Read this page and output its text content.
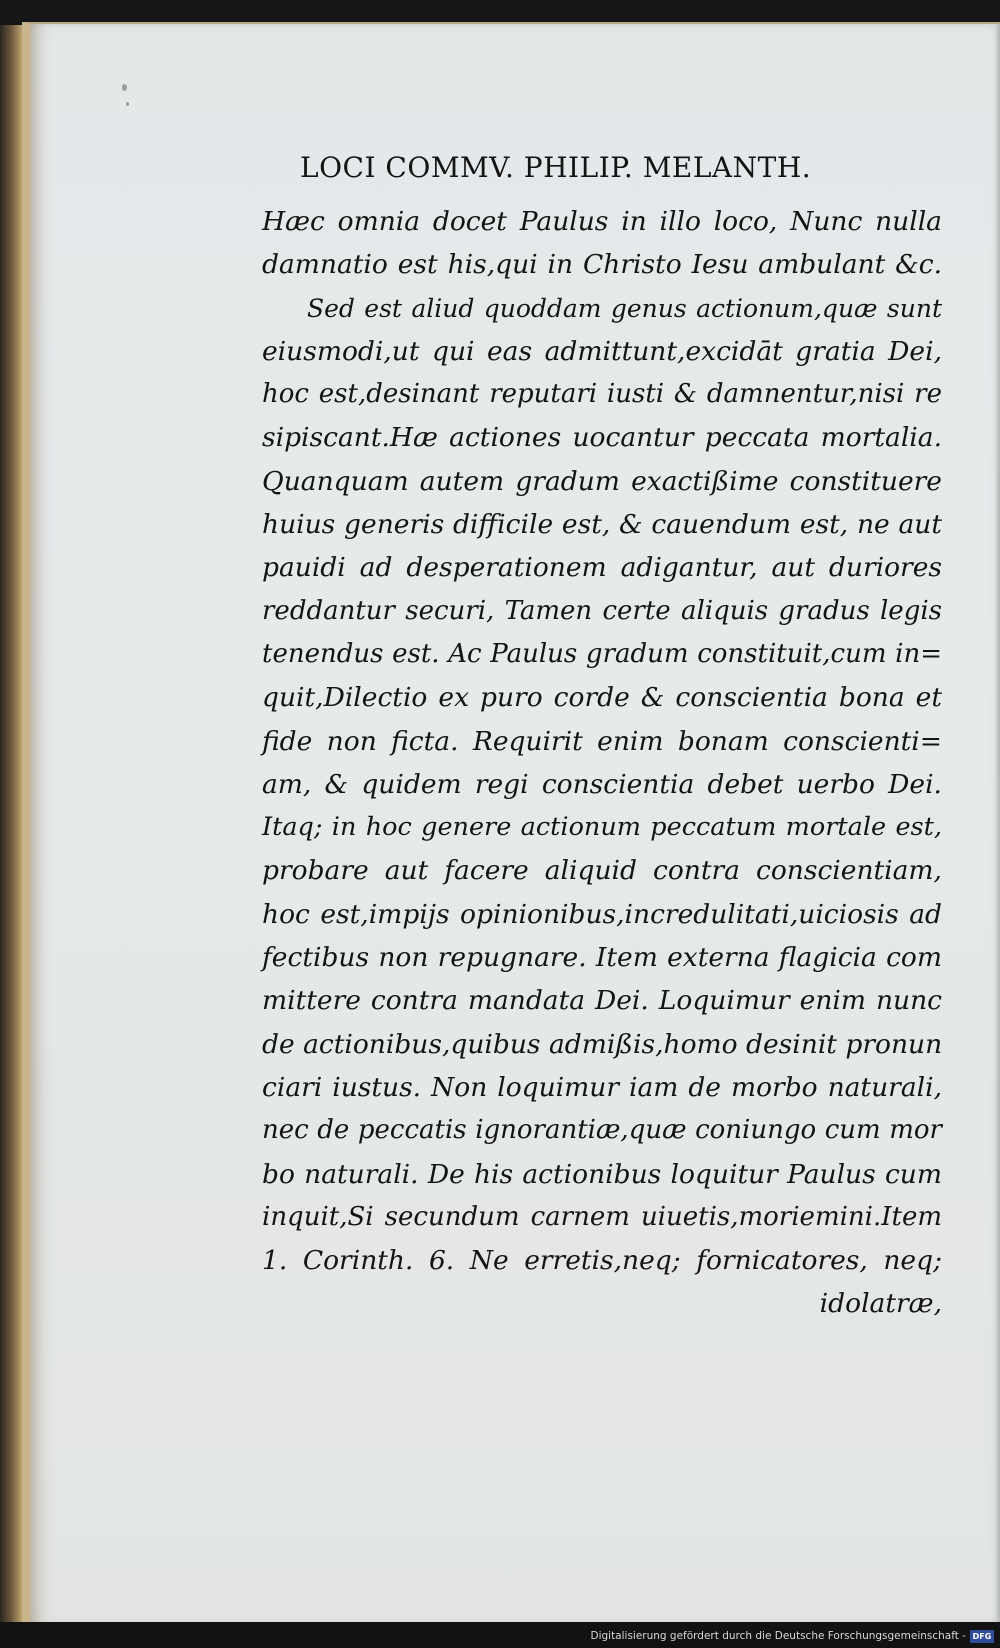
LOCI COMMV. PHILIP. MELANTH.
Hæc omnia docet Paulus in illo loco, Nunc nulla
damnatio est his,qui in Christo Iesu ambulant &c.
Sed est aliud quoddam genus actionum,quæ sunt
eiusmodi,ut qui eas admittunt,excidāt gratia Dei,
hoc est,desinant reputari iusti & damnentur,nisi re
sipiscant.Hæ actiones uocantur peccata mortalia.
Quanquam autem gradum exactißime constituere
huius generis difficile est, & cauendum est, ne aut
pauidi ad desperationem adigantur, aut duriores
reddantur securi, Tamen certe aliquis gradus legis
tenendus est. Ac Paulus gradum constituit,cum in=
quit,Dilectio ex puro corde & conscientia bona et
fide non ficta. Requirit enim bonam conscienti=
am, & quidem regi conscientia debet uerbo Dei.
Itaq; in hoc genere actionum peccatum mortale est,
probare aut facere aliquid contra conscientiam,
hoc est,impijs opinionibus,incredulitati,uiciosis ad
fectibus non repugnare. Item externa flagicia com
mittere contra mandata Dei. Loquimur enim nunc
de actionibus,quibus admißis,homo desinit pronun
ciari iustus. Non loquimur iam de morbo naturali,
nec de peccatis ignorantiæ,quæ coniungo cum mor
bo naturali. De his actionibus loquitur Paulus cum
inquit,Si secundum carnem uiuetis,moriemini.Item
1. Corinth. 6. Ne erretis,neq; fornicatores, neq;
idolatræ,
Digitalisierung gefördert durch die Deutsche Forschungsgemeinschaft - DFG
